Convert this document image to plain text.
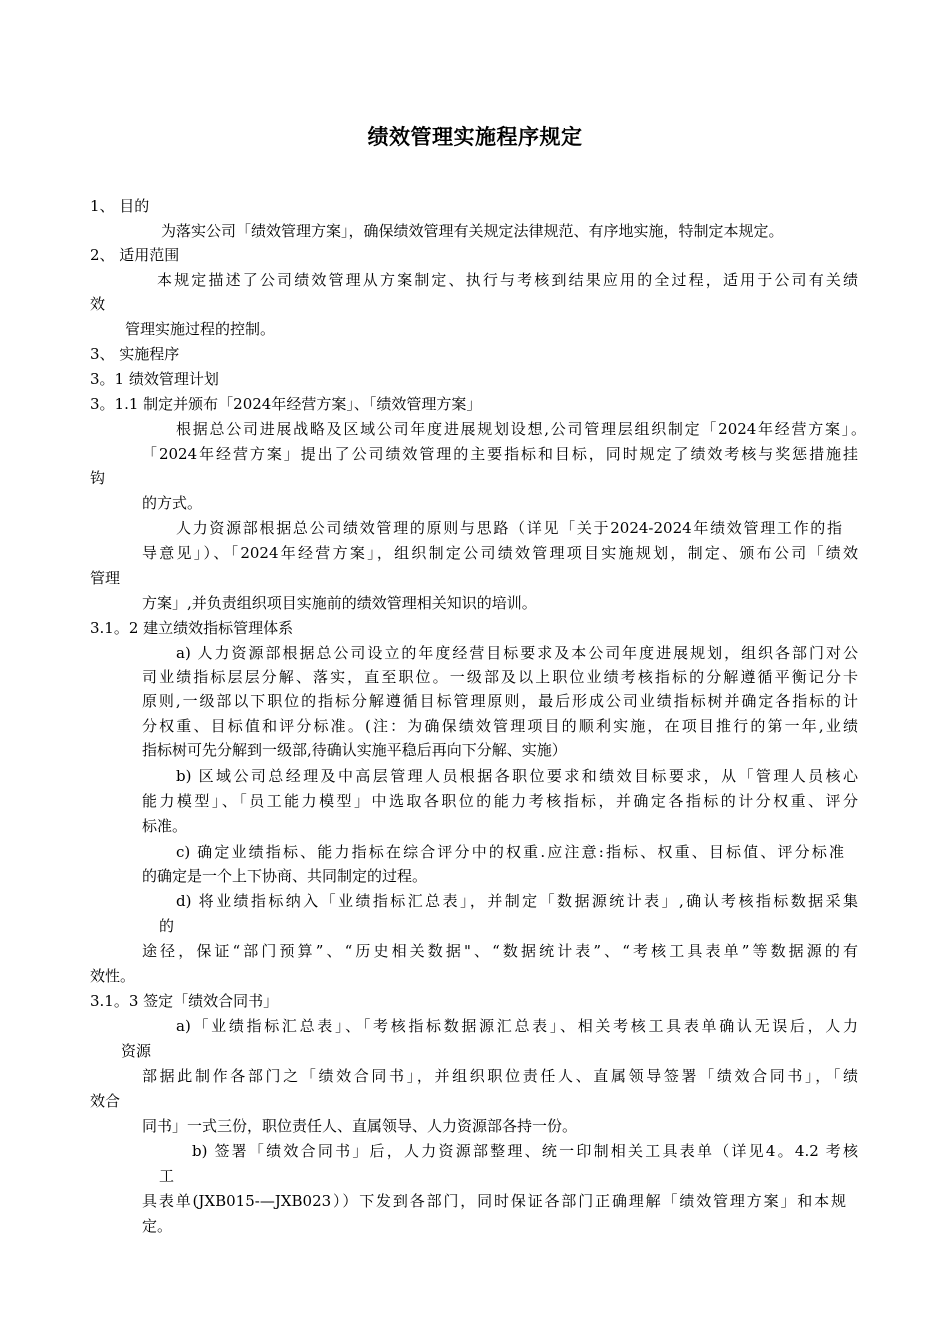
绩效管理实施程序规定
1、 目的
为落实公司「绩效管理方案」，确保绩效管理有关规定法律规范、有序地实施，特制定本规定。
2、 适用范围
本规定描述了公司绩效管理从方案制定、执行与考核到结果应用的全过程，适用于公司有关绩
效
管理实施过程的控制。
3、 实施程序
3。1 绩效管理计划
3。1.1 制定并颁布「2024年经营方案」、「绩效管理方案」
根据总公司进展战略及区域公司年度进展规划设想,公司管理层组织制定「2024年经营方案」。
「2024年经营方案」提出了公司绩效管理的主要指标和目标，同时规定了绩效考核与奖惩措施挂
钩
的方式。
人力资源部根据总公司绩效管理的原则与思路（详见「关于2024-2024年绩效管理工作的指
导意见」）、「2024年经营方案」，组织制定公司绩效管理项目实施规划，制定、颁布公司「绩效
管理
方案」,并负责组织项目实施前的绩效管理相关知识的培训。
3.1。2 建立绩效指标管理体系
a) 人力资源部根据总公司设立的年度经营目标要求及本公司年度进展规划，组织各部门对公
司业绩指标层层分解、落实，直至职位。一级部及以上职位业绩考核指标的分解遵循平衡记分卡
原则,一级部以下职位的指标分解遵循目标管理原则，最后形成公司业绩指标树并确定各指标的计
分权重、目标值和评分标准。(注：为确保绩效管理项目的顺利实施，在项目推行的第一年,业绩
指标树可先分解到一级部,待确认实施平稳后再向下分解、实施）
b) 区域公司总经理及中高层管理人员根据各职位要求和绩效目标要求，从「管理人员核心
能力模型」、「员工能力模型」中选取各职位的能力考核指标，并确定各指标的计分权重、评分
标准。
c) 确定业绩指标、能力指标在综合评分中的权重.应注意:指标、权重、目标值、评分标准
的确定是一个上下协商、共同制定的过程。
d) 将业绩指标纳入「业绩指标汇总表」，并制定「数据源统计表」,确认考核指标数据采集
的
途径，保证“部门预算”、“历史相关数据"、“数据统计表”、“考核工具表单”等数据源的有
效性。
3.1。3 签定「绩效合同书」
a)「业绩指标汇总表」、「考核指标数据源汇总表」、相关考核工具表单确认无误后，人力
资源
部据此制作各部门之「绩效合同书」，并组织职位责任人、直属领导签署「绩效合同书」，「绩
效合
同书」一式三份，职位责任人、直属领导、人力资源部各持一份。
b) 签署「绩效合同书」后，人力资源部整理、统一印制相关工具表单（详见4。4.2 考核
工
具表单(JXB015-—JXB023））下发到各部门，同时保证各部门正确理解「绩效管理方案」和本规
定。
